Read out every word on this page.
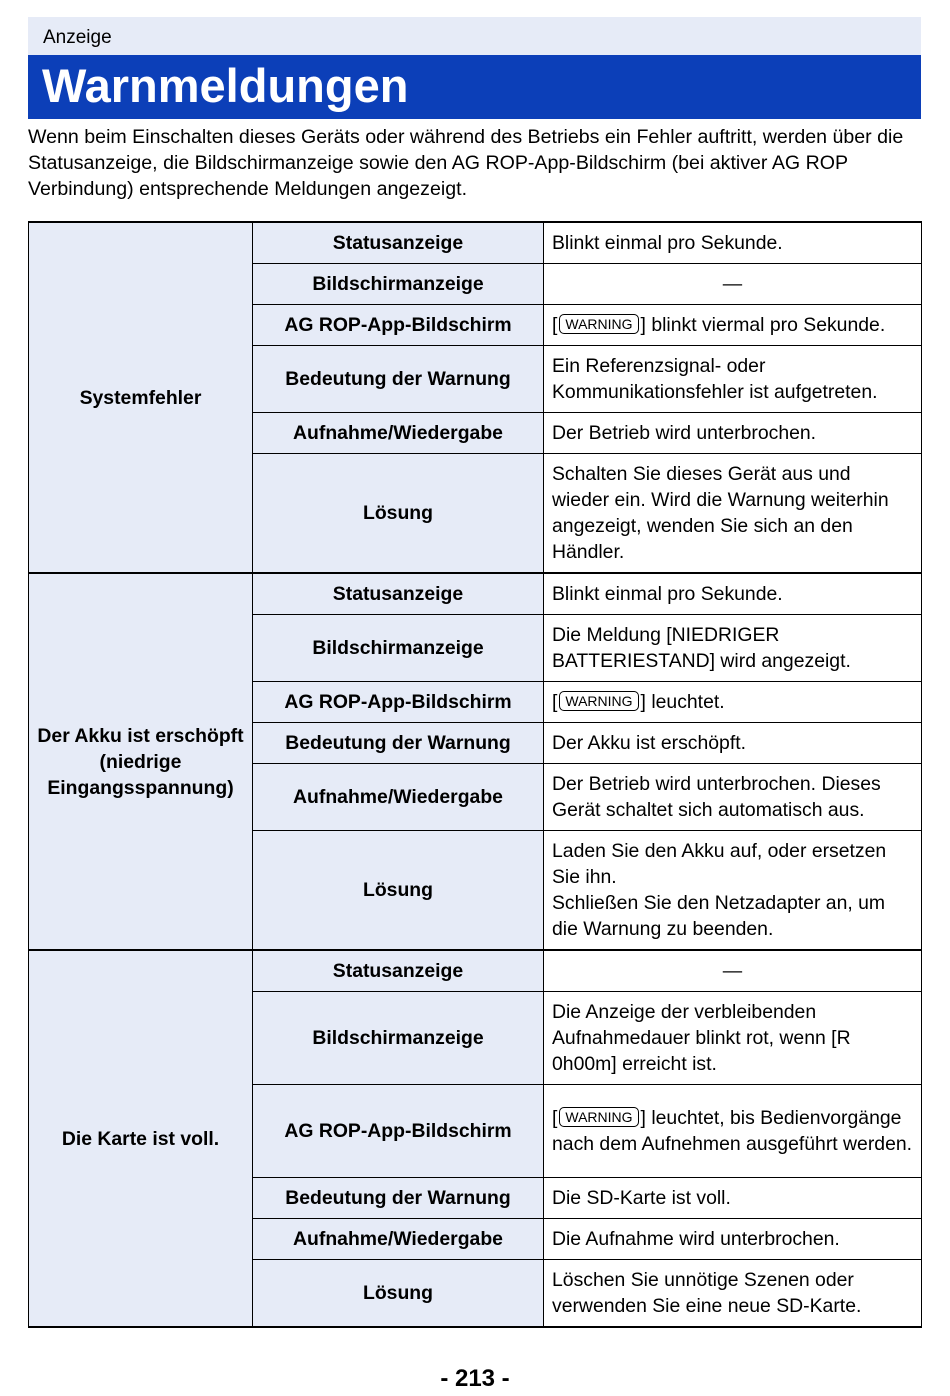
Anzeige
Warnmeldungen

Wenn beim Einschalten dieses Geräts oder während des Betriebs ein Fehler auftritt, werden über die Statusanzeige, die Bildschirmanzeige sowie den AG ROP-App-Bildschirm (bei aktiver AG ROP Verbindung) entsprechende Meldungen angezeigt.

Systemfehler	Statusanzeige	Blinkt einmal pro Sekunde.
	Bildschirmanzeige	—
	AG ROP-App-Bildschirm	[ WARNING ] blinkt viermal pro Sekunde.
	Bedeutung der Warnung	Ein Referenzsignal- oder Kommunikationsfehler ist aufgetreten.
	Aufnahme/Wiedergabe	Der Betrieb wird unterbrochen.
	Lösung	Schalten Sie dieses Gerät aus und wieder ein. Wird die Warnung weiterhin angezeigt, wenden Sie sich an den Händler.
Der Akku ist erschöpft (niedrige Eingangsspannung)	Statusanzeige	Blinkt einmal pro Sekunde.
	Bildschirmanzeige	Die Meldung [NIEDRIGER BATTERIESTAND] wird angezeigt.
	AG ROP-App-Bildschirm	[ WARNING ] leuchtet.
	Bedeutung der Warnung	Der Akku ist erschöpft.
	Aufnahme/Wiedergabe	Der Betrieb wird unterbrochen. Dieses Gerät schaltet sich automatisch aus.
	Lösung	Laden Sie den Akku auf, oder ersetzen Sie ihn.
Schließen Sie den Netzadapter an, um die Warnung zu beenden.

Die Karte ist voll.	Statusanzeige	—
	Bildschirmanzeige	Die Anzeige der verbleibenden Aufnahmedauer blinkt rot, wenn [R 0h00m] erreicht ist.
	AG ROP-App-Bildschirm	[ WARNING ] leuchtet, bis Bedienvorgänge nach dem Aufnehmen ausgeführt werden.
	Bedeutung der Warnung	Die SD-Karte ist voll.
	Aufnahme/Wiedergabe	Die Aufnahme wird unterbrochen.
	Lösung	Löschen Sie unnötige Szenen oder verwenden Sie eine neue SD-Karte.
- 213 -
